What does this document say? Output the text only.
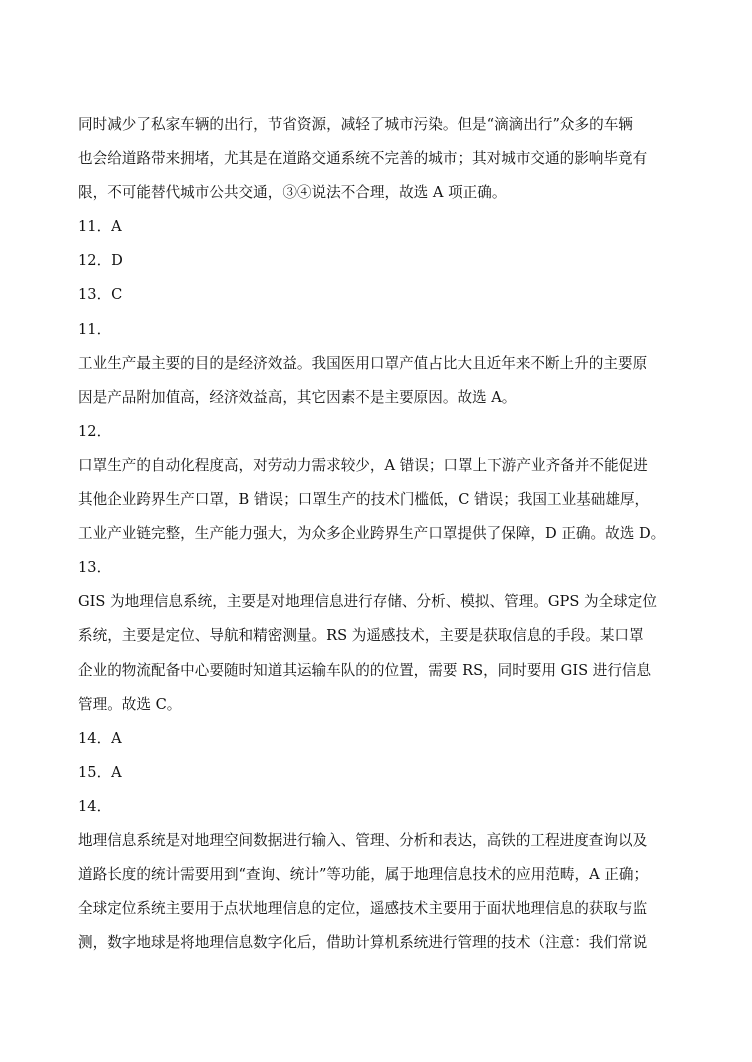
同时减少了私家车辆的出行，节省资源，减轻了城市污染。但是“滴滴出行”众多的车辆
也会给道路带来拥堵，尤其是在道路交通系统不完善的城市；其对城市交通的影响毕竟有
限，不可能替代城市公共交通，③④说法不合理，故选 A 项正确。
11．A
12．D
13．C
11．
工业生产最主要的目的是经济效益。我国医用口罩产值占比大且近年来不断上升的主要原
因是产品附加值高，经济效益高，其它因素不是主要原因。故选 A。
12．
口罩生产的自动化程度高，对劳动力需求较少，A 错误；口罩上下游产业齐备并不能促进
其他企业跨界生产口罩，B 错误；口罩生产的技术门槛低，C 错误；我国工业基础雄厚，
工业产业链完整，生产能力强大，为众多企业跨界生产口罩提供了保障，D 正确。故选 D。
13．
GIS 为地理信息系统，主要是对地理信息进行存储、分析、模拟、管理。GPS 为全球定位
系统，主要是定位、导航和精密测量。RS 为遥感技术，主要是获取信息的手段。某口罩
企业的物流配备中心要随时知道其运输车队的的位置，需要 RS，同时要用 GIS 进行信息
管理。故选 C。
14．A
15．A
14．
地理信息系统是对地理空间数据进行输入、管理、分析和表达，高铁的工程进度查询以及
道路长度的统计需要用到“查询、统计”等功能，属于地理信息技术的应用范畴，A 正确；
全球定位系统主要用于点状地理信息的定位，遥感技术主要用于面状地理信息的获取与监
测，数字地球是将地理信息数字化后，借助计算机系统进行管理的技术（注意：我们常说
